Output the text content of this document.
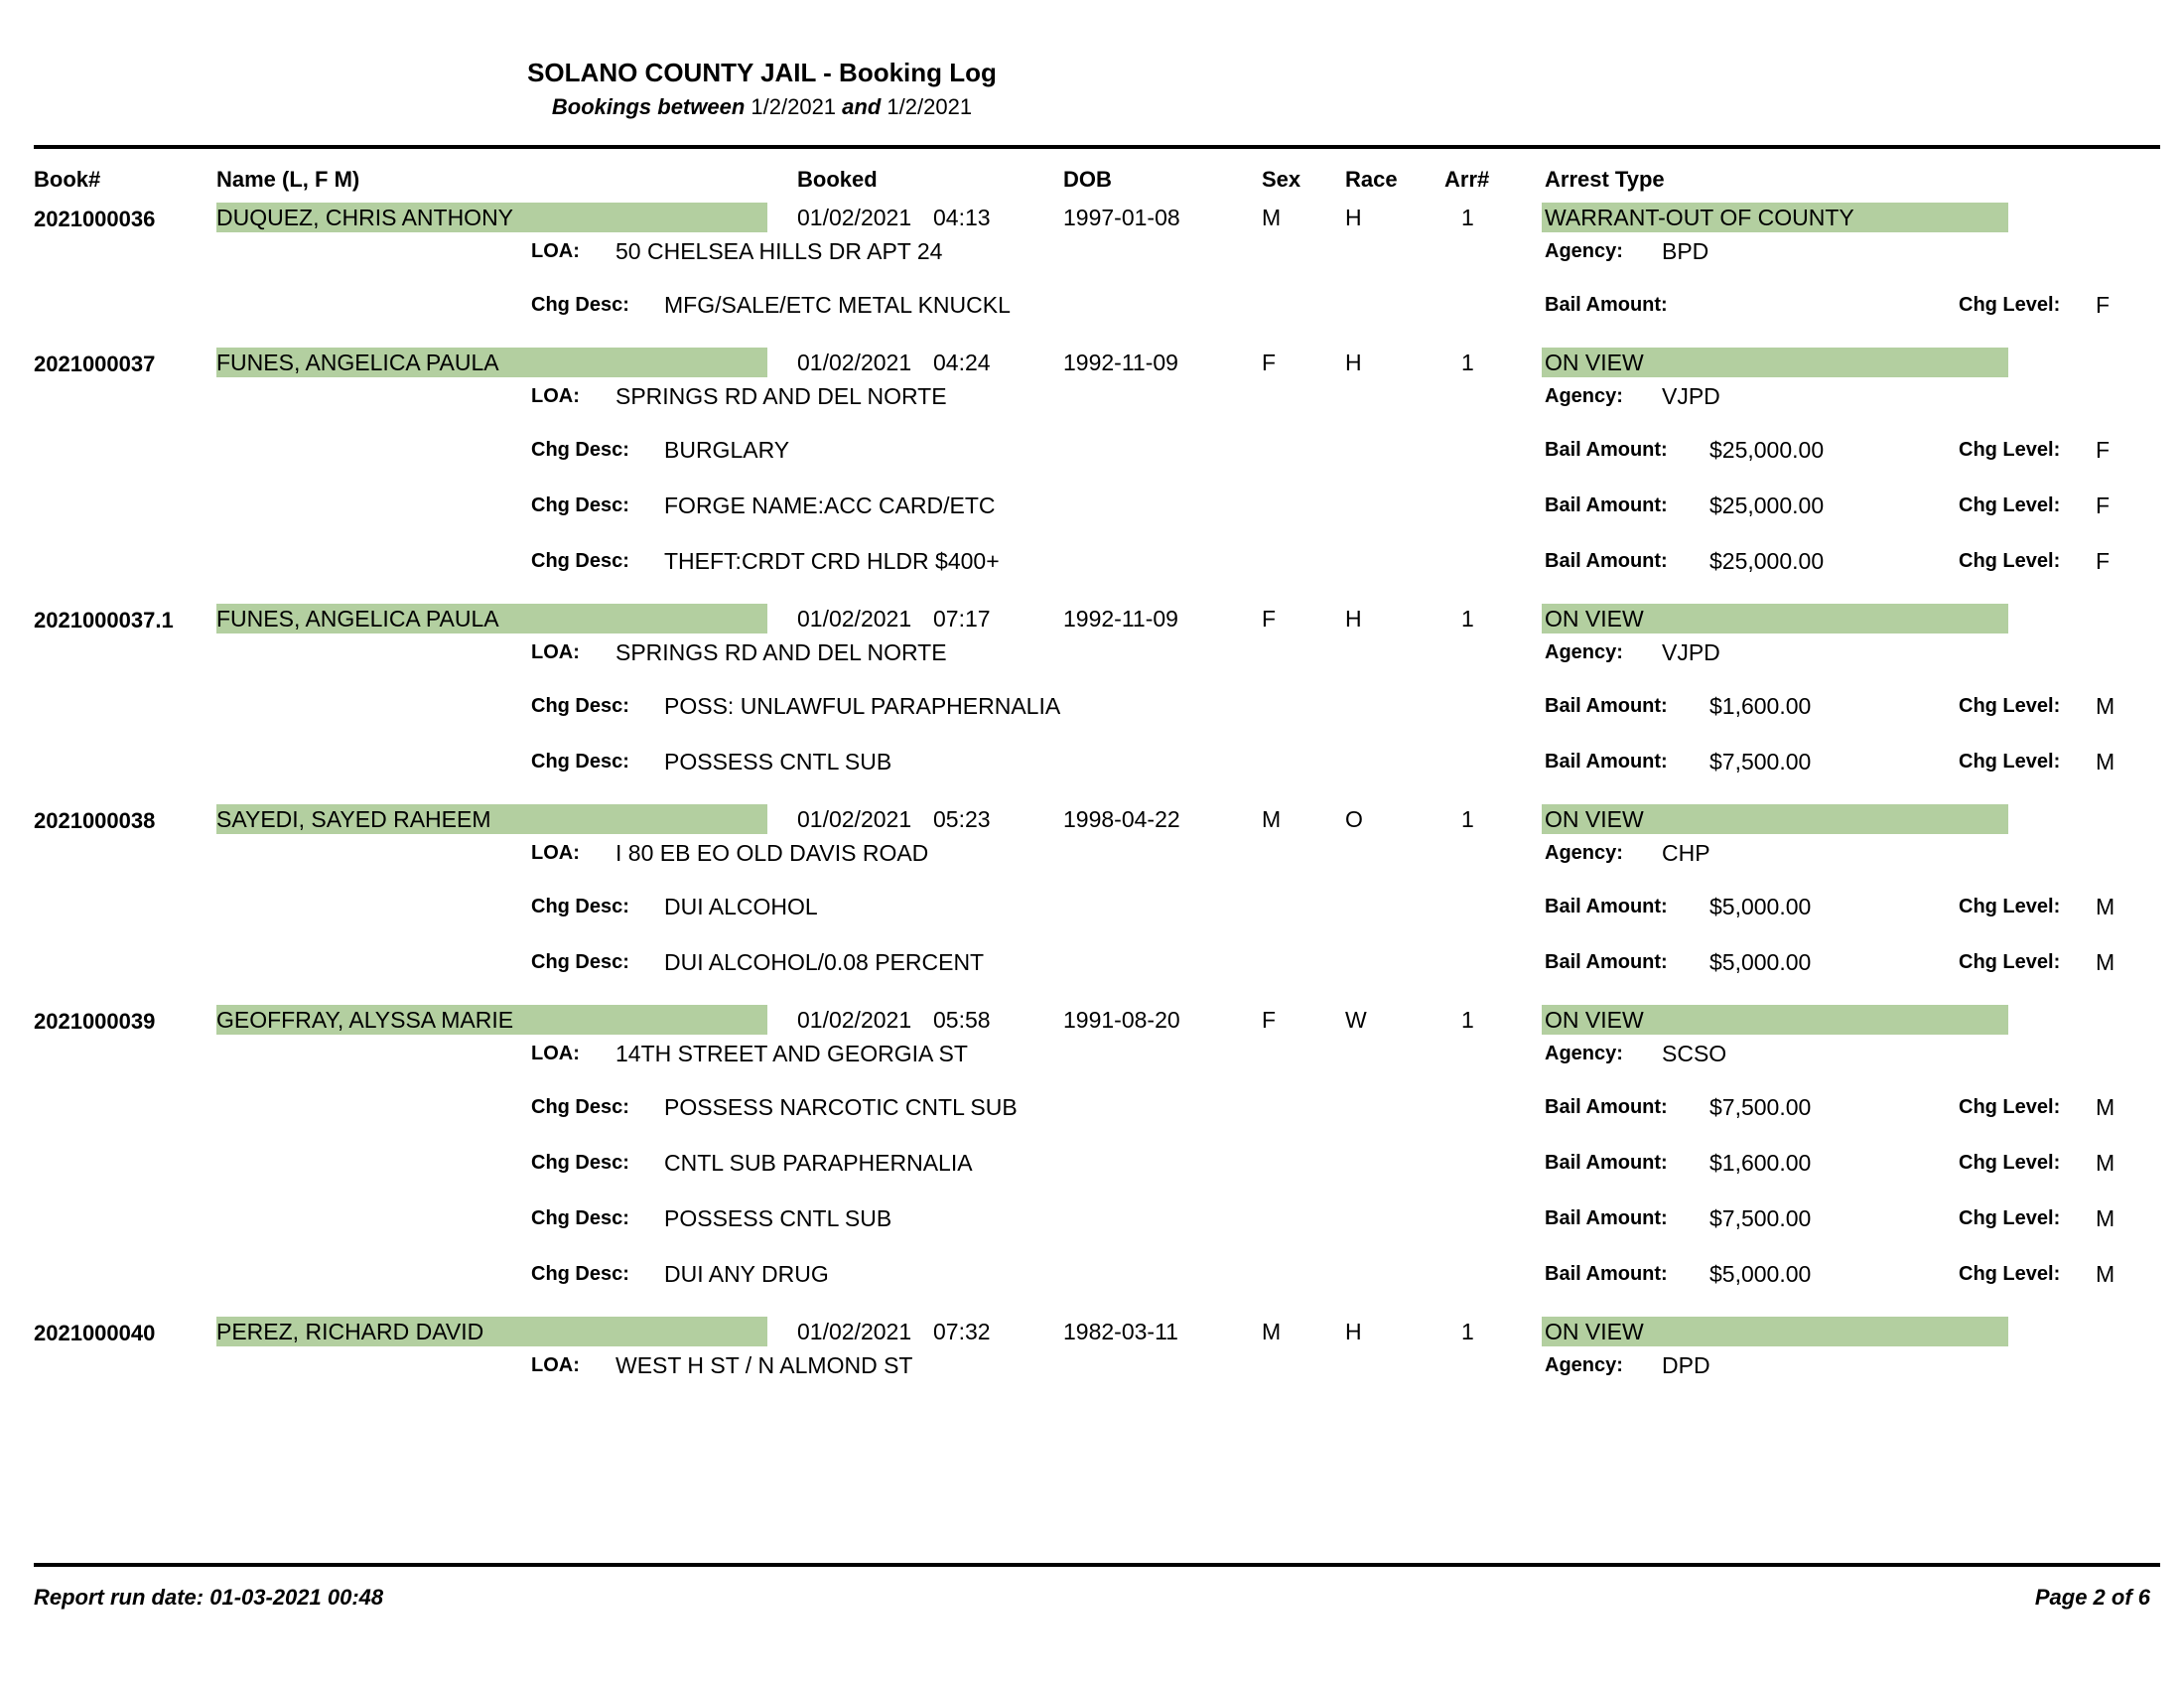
SOLANO COUNTY JAIL - Booking Log
Bookings between 1/2/2021 and 1/2/2021
Book#	Name (L, F M)	Booked	DOB	Sex Race Arr#	Arrest Type
2021000036	DUQUEZ, CHRIS ANTHONY	01/02/2021 04:13	1997-01-08	M	H	1	WARRANT-OUT OF COUNTY
LOA: 50 CHELSEA HILLS DR APT 24	Agency: BPD
Chg Desc: MFG/SALE/ETC METAL KNUCKL	Bail Amount:	Chg Level: F
2021000037	FUNES, ANGELICA PAULA	01/02/2021 04:24	1992-11-09	F	H	1	ON VIEW
LOA: SPRINGS RD AND DEL NORTE	Agency: VJPD
Chg Desc: BURGLARY	Bail Amount: $25,000.00	Chg Level: F
Chg Desc: FORGE NAME:ACC CARD/ETC	Bail Amount: $25,000.00	Chg Level: F
Chg Desc: THEFT:CRDT CRD HLDR $400+	Bail Amount: $25,000.00	Chg Level: F
2021000037.1 FUNES, ANGELICA PAULA	01/02/2021 07:17	1992-11-09	F	H	1	ON VIEW
LOA: SPRINGS RD AND DEL NORTE	Agency: VJPD
Chg Desc: POSS: UNLAWFUL PARAPHERNALIA	Bail Amount: $1,600.00	Chg Level: M
Chg Desc: POSSESS CNTL SUB	Bail Amount: $7,500.00	Chg Level: M
2021000038	SAYEDI, SAYED RAHEEM	01/02/2021 05:23	1998-04-22	M	O	1	ON VIEW
LOA: I 80 EB EO OLD DAVIS ROAD	Agency: CHP
Chg Desc: DUI ALCOHOL	Bail Amount: $5,000.00	Chg Level: M
Chg Desc: DUI ALCOHOL/0.08 PERCENT	Bail Amount: $5,000.00	Chg Level: M
2021000039	GEOFFRAY, ALYSSA MARIE	01/02/2021 05:58	1991-08-20	F	W	1	ON VIEW
LOA: 14TH STREET AND GEORGIA ST	Agency: SCSO
Chg Desc: POSSESS NARCOTIC CNTL SUB	Bail Amount: $7,500.00	Chg Level: M
Chg Desc: CNTL SUB PARAPHERNALIA	Bail Amount: $1,600.00	Chg Level: M
Chg Desc: POSSESS CNTL SUB	Bail Amount: $7,500.00	Chg Level: M
Chg Desc: DUI ANY DRUG	Bail Amount: $5,000.00	Chg Level: M
2021000040	PEREZ, RICHARD DAVID	01/02/2021 07:32	1982-03-11	M	H	1	ON VIEW
LOA: WEST H ST / N ALMOND ST	Agency: DPD
Report run date: 01-03-2021 00:48	Page 2 of 6
